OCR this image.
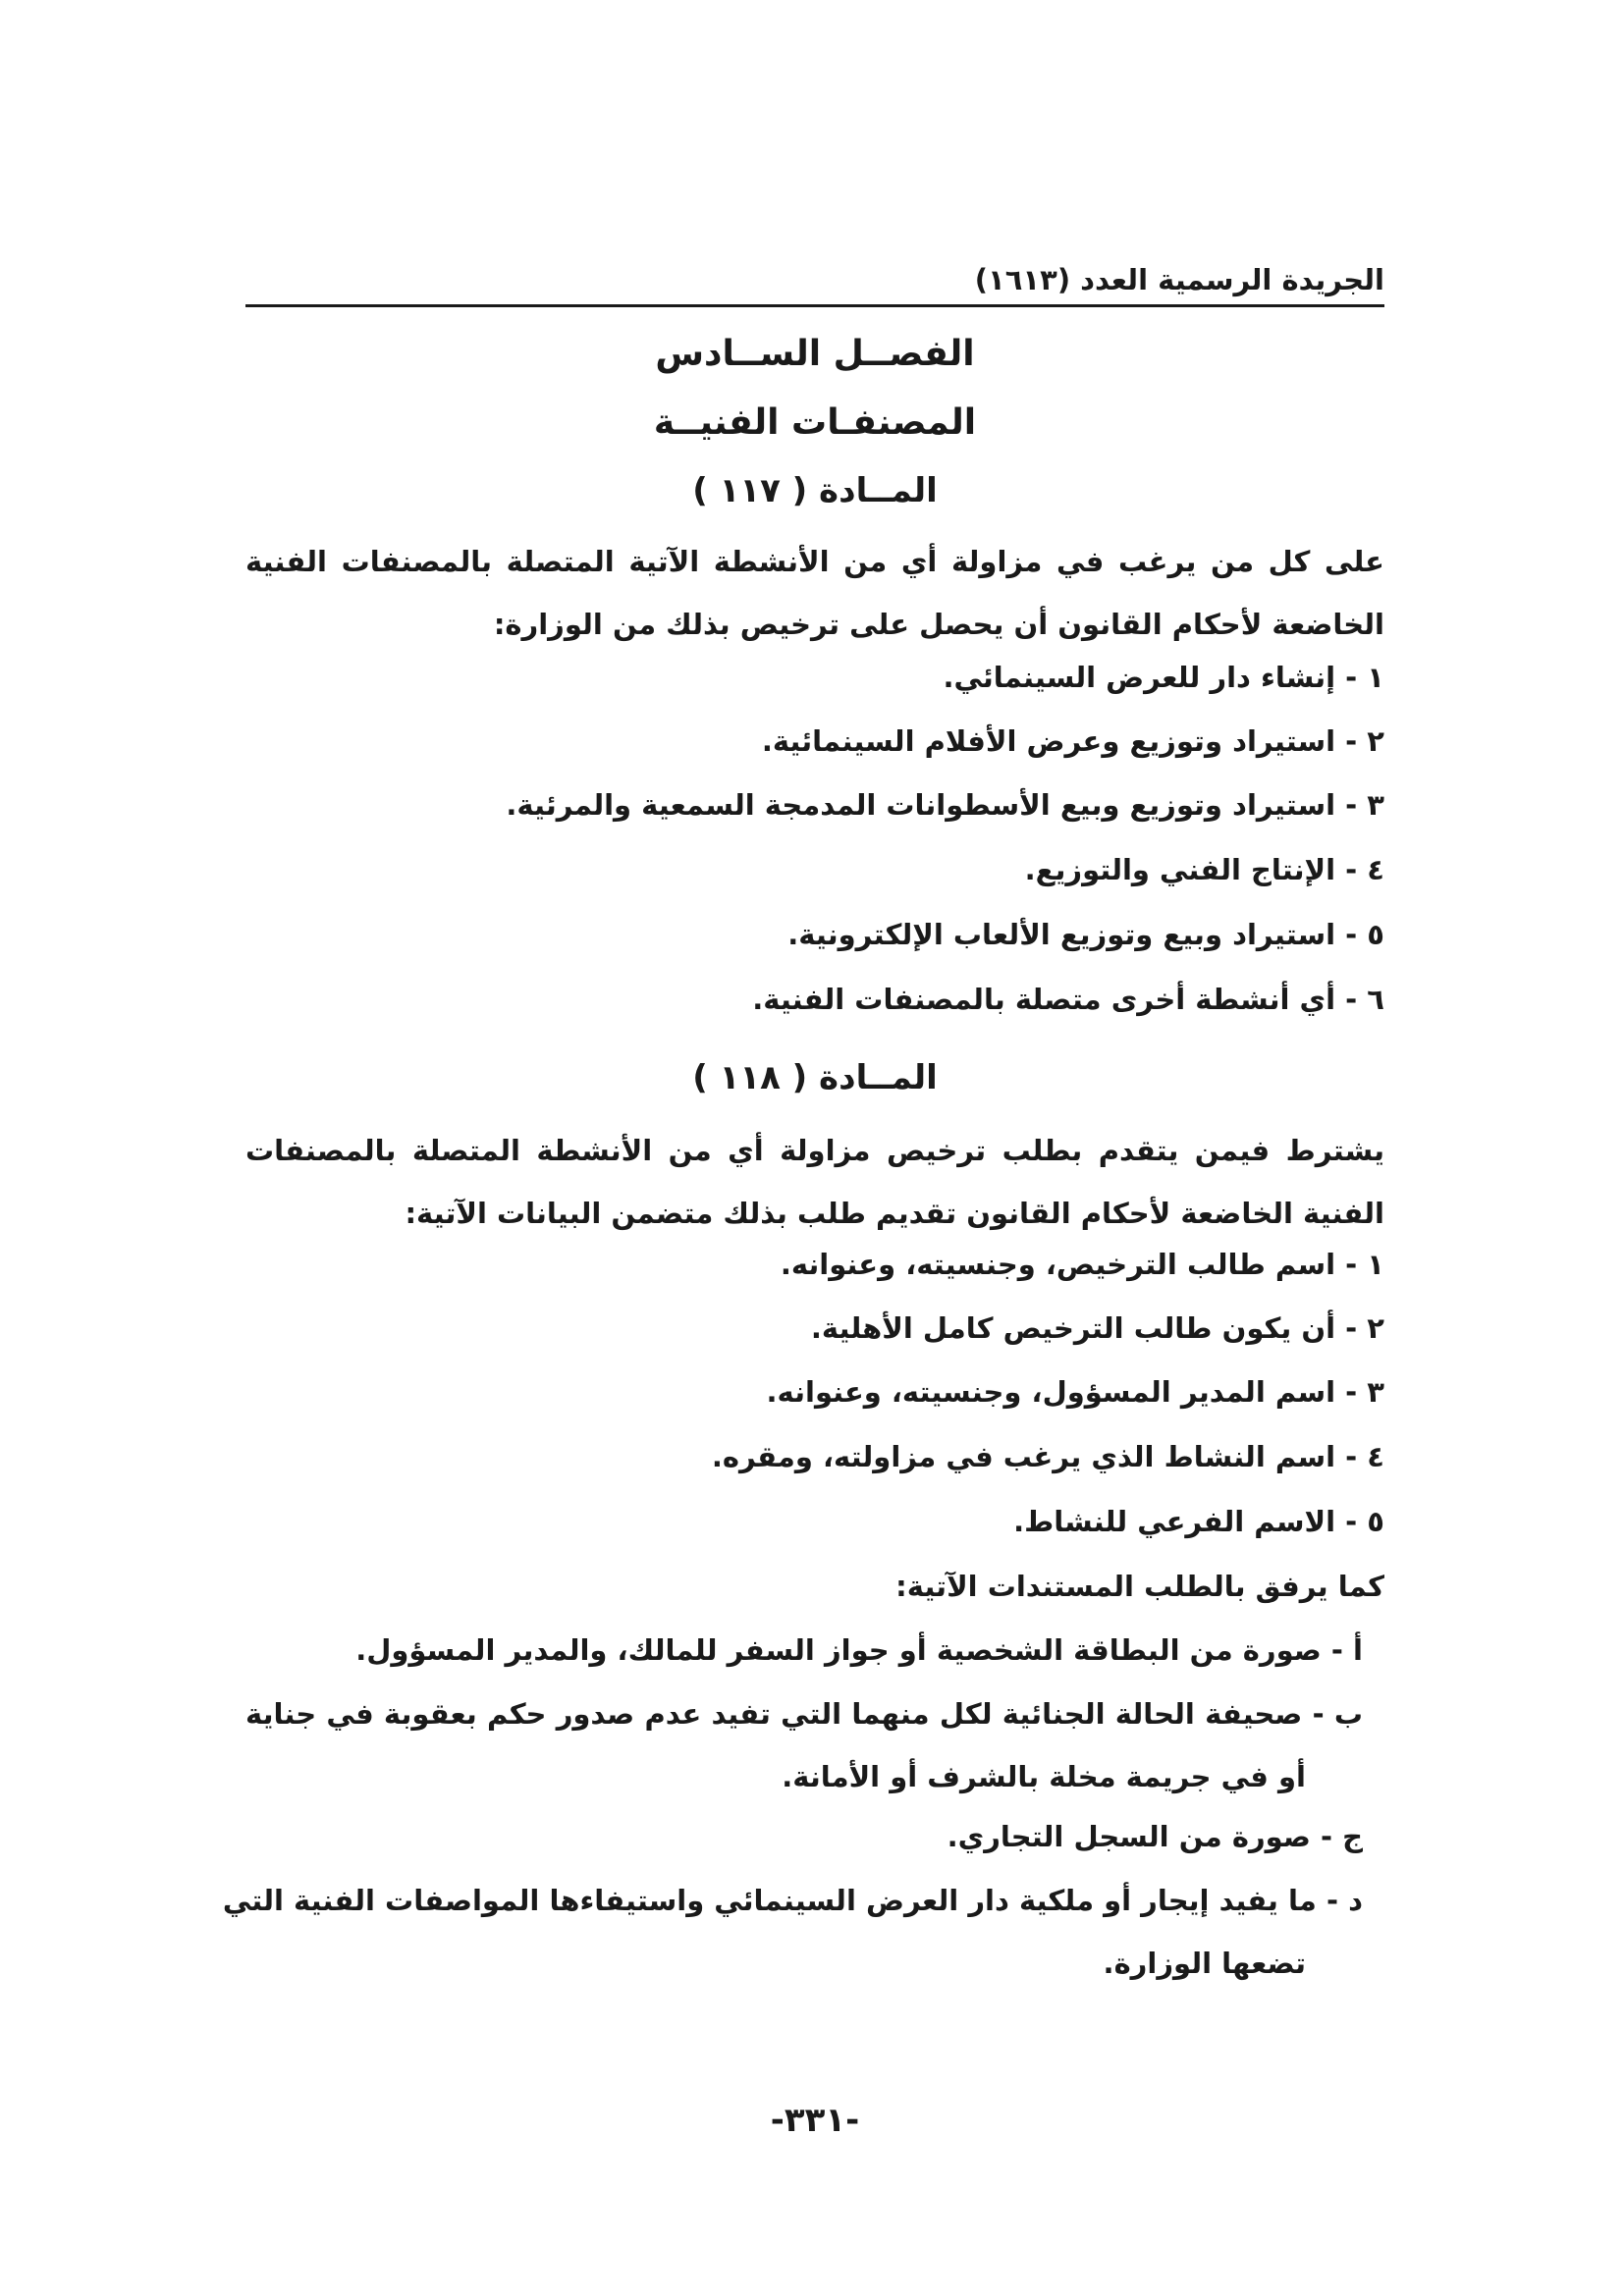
الجريدة الرسمية العدد (١٦١٣)
الفصــل الســادس
المصنفـات الفنيــة
المــادة ( ١١٧ )
على كل من يرغب في مزاولة أي من الأنشطة الآتية المتصلة بالمصنفات الفنية الخاضعة لأحكام القانون أن يحصل على ترخيص بذلك من الوزارة:
١ - إنشاء دار للعرض السينمائي.
٢ - استيراد وتوزيع وعرض الأفلام السينمائية.
٣ - استيراد وتوزيع وبيع الأسطوانات المدمجة السمعية والمرئية.
٤ - الإنتاج الفني والتوزيع.
٥ - استيراد وبيع وتوزيع الألعاب الإلكترونية.
٦ - أي أنشطة أخرى متصلة بالمصنفات الفنية.
المــادة ( ١١٨ )
يشترط فيمن يتقدم بطلب ترخيص مزاولة أي من الأنشطة المتصلة بالمصنفات الفنية الخاضعة لأحكام القانون تقديم طلب بذلك متضمن البيانات الآتية:
١ - اسم طالب الترخيص، وجنسيته، وعنوانه.
٢ - أن يكون طالب الترخيص كامل الأهلية.
٣ - اسم المدير المسؤول، وجنسيته، وعنوانه.
٤ - اسم النشاط الذي يرغب في مزاولته، ومقره.
٥ - الاسم الفرعي للنشاط.
كما يرفق بالطلب المستندات الآتية:
أ - صورة من البطاقة الشخصية أو جواز السفر للمالك، والمدير المسؤول.
ب - صحيفة الحالة الجنائية لكل منهما التي تفيد عدم صدور حكم بعقوبة في جناية
أو في جريمة مخلة بالشرف أو الأمانة.
ج - صورة من السجل التجاري.
د - ما يفيد إيجار أو ملكية دار العرض السينمائي واستيفاءها المواصفات الفنية التي
تضعها الوزارة.
-٣٣١-
